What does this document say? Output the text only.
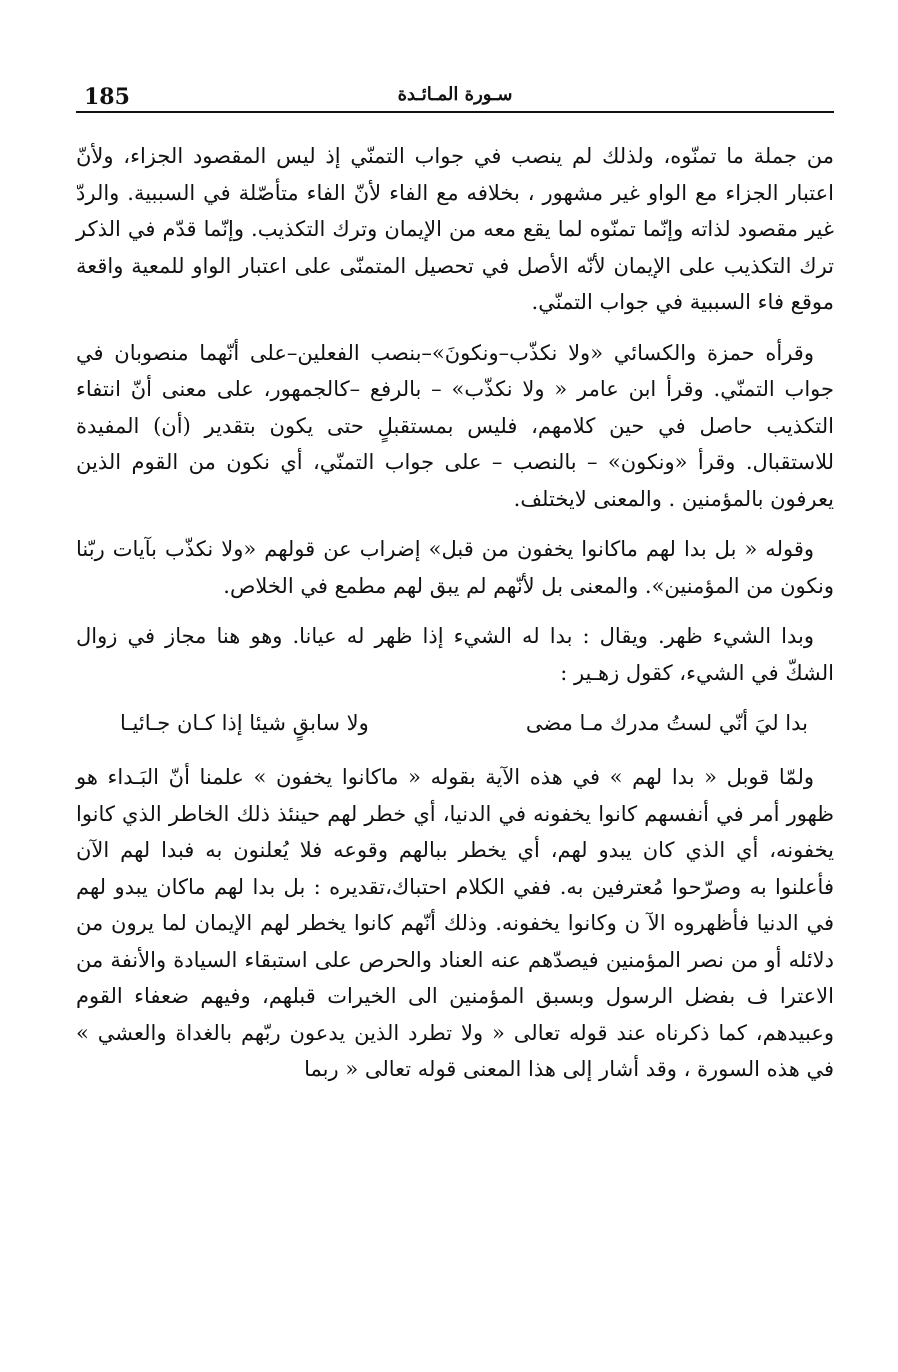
185	سـورة المـائـدة

من جملة ما تمنّوه، ولذلك لم ينصب في جواب التمنّي إذ ليس المقصود الجزاء، ولأنّ اعتبار الجزاء مع الواو غير مشهور ، بخلافه مع الفاء لأنّ الفاء متأصّلة في السببية. والردّ غير مقصود لذاته وإنّما تمنّوه لما يقع معه من الإيمان وترك التكذيب. وإنّما قدّم في الذكر ترك التكذيب على الإيمان لأنّه الأصل في تحصيل المتمنّى على اعتبار الواو للمعية واقعة موقع فاء السببية في جواب التمنّي.

وقرأه حمزة والكسائي «ولا نكذّب–ونكونَ»–بنصب الفعلين–على أنّهما منصوبان في جواب التمنّي. وقرأ ابن عامر « ولا نكذّب» – بالرفع –كالجمهور، على معنى أنّ انتفاء التكذيب حاصل في حين كلامهم، فليس بمستقبلٍ حتى يكون بتقدير (أن) المفيدة للاستقبال. وقرأ «ونكون» – بالنصب – على جواب التمنّي، أي نكون من القوم الذين يعرفون بالمؤمنين . والمعنى لايختلف.

وقوله « بل بدا لهم ماكانوا يخفون من قبل» إضراب عن قولهم «ولا نكذّب بآيات ربّنا ونكون من المؤمنين». والمعنى بل لأنّهم لم يبق لهم مطمع في الخلاص.

وبدا الشيء ظهر. ويقال : بدا له الشيء إذا ظهر له عيانا. وهو هنا مجاز في زوال الشكّ في الشيء، كقول زهـير :

بدا ليَ أنّي لستُ مدرك مـا مضى
ولا سابقٍ شيئا إذا كـان جـائيـا

ولمّا قوبل « بدا لهم » في هذه الآية بقوله « ماكانوا يخفون » علمنا أنّ البَـداء هو ظهور أمر في أنفسهم كانوا يخفونه في الدنيا، أي خطر لهم حينئذ ذلك الخاطر الذي كانوا يخفونه، أي الذي كان يبدو لهم، أي يخطر ببالهم وقوعه فلا يُعلنون به فبدا لهم الآن فأعلنوا به وصرّحوا مُعترفين به. ففي الكلام احتباك،تقديره : بل بدا لهم ماكان يبدو لهم في الدنيا فأظهروه الآ ن وكانوا يخفونه. وذلك أنّهم كانوا يخطر لهم الإيمان لما يرون من دلائله أو من نصر المؤمنين فيصدّهم عنه العناد والحرص على استبقاء السيادة والأنفة من الاعترا ف بفضل الرسول وبسبق المؤمنين الى الخيرات قبلهم، وفيهم ضعفاء القوم وعبيدهم، كما ذكرناه عند قوله تعالى « ولا تطرد الذين يدعون ربّهم بالغداة والعشي » في هذه السورة ، وقد أشار إلى هذا المعنى قوله تعالى « ربما
